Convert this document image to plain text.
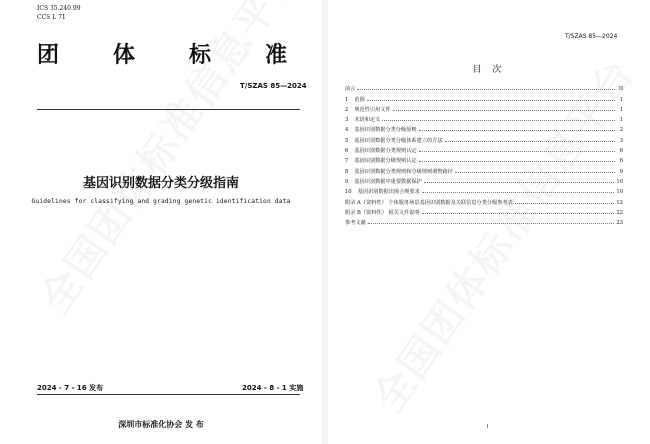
ICS 35.240.99
CCS L 71
团 体 标 准
T/SZAS 85—2024
基因识别数据分类分级指南
Guidelines for classifying and grading genetic identification data
2024 - 7 - 16 发布	2024 - 8 - 1 实施
深圳市标准化协会 发 布
T/SZAS 85—2024
目 次
前言	II
1 范围	1
2 规范性引用文件	1
3 术语和定义	1
4 基因识别数据分类分级原则	2
5 基因识别数据分类分级体系建立的方法	3
6 基因识别数据分类规则认定	6
7 基因识别数据分级规则认定	6
8 基因识别数据分类规则和分级规则调整路径	9
9 基因识别数据中重要数据保护	10
10 基因识别数据出境合规要求	10
附录 A（资料性） 个体服务场景基因识别数据及关联信息分类分级参考表	12
附录 B（资料性） 相关文件说明	22
参考文献	23
I
